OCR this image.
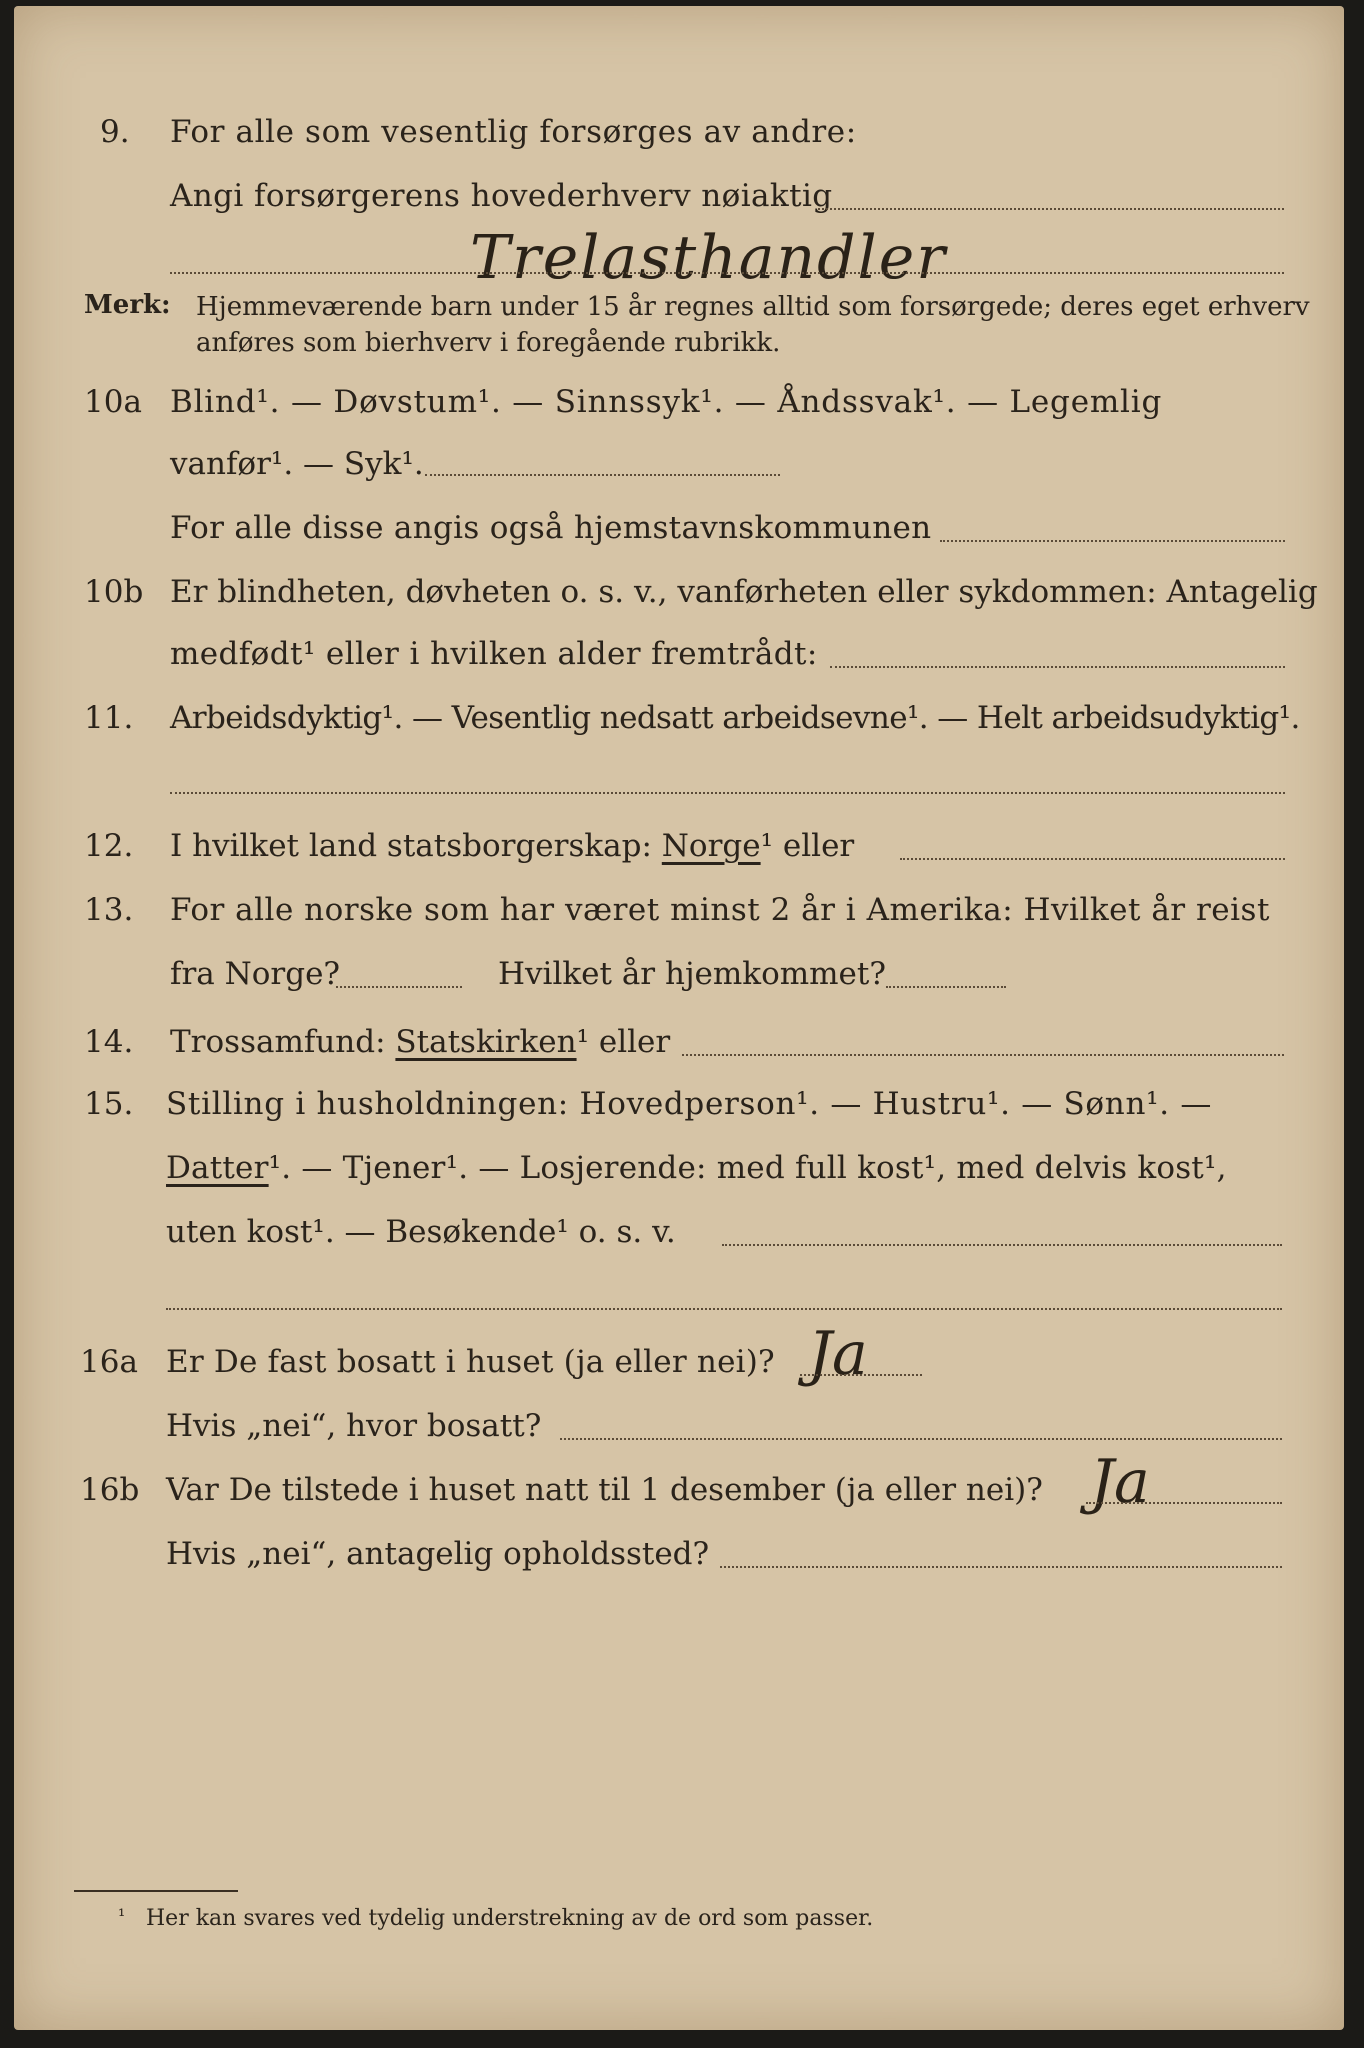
9. For alle som vesentlig forsørges av andre:
Angi forsørgerens hovederhverv nøiaktig
Trelasthandler
Merk: Hjemmeværende barn under 15 år regnes alltid som forsørgede; deres eget erhverv
anføres som bierhverv i foregående rubrikk.
10a Blind¹. — Døvstum¹. — Sinnssyk¹. — Åndssvak¹. — Legemlig
vanfør¹. — Syk¹.
For alle disse angis også hjemstavnskommunen
10b Er blindheten, døvheten o. s. v., vanførheten eller sykdommen: Antagelig
medfødt¹ eller i hvilken alder fremtrådt:
11. Arbeidsdyktig¹. — Vesentlig nedsatt arbeidsevne¹. — Helt arbeidsudyktig¹.
12. I hvilket land statsborgerskap: Norge¹ eller
13. For alle norske som har været minst 2 år i Amerika: Hvilket år reist
fra Norge?	Hvilket år hjemkommet?
14. Trossamfund: Statskirken¹ eller
15. Stilling i husholdningen: Hovedperson¹. — Hustru¹. — Sønn¹. —
Datter¹. — Tjener¹. — Losjerende: med full kost¹, med delvis kost¹,
uten kost¹. — Besøkende¹ o. s. v.
16a Er De fast bosatt i huset (ja eller nei)? Ja
Hvis „nei“, hvor bosatt?
16b Var De tilstede i huset natt til 1 desember (ja eller nei)? Ja
Hvis „nei“, antagelig opholdssted?
¹ Her kan svares ved tydelig understrekning av de ord som passer.
